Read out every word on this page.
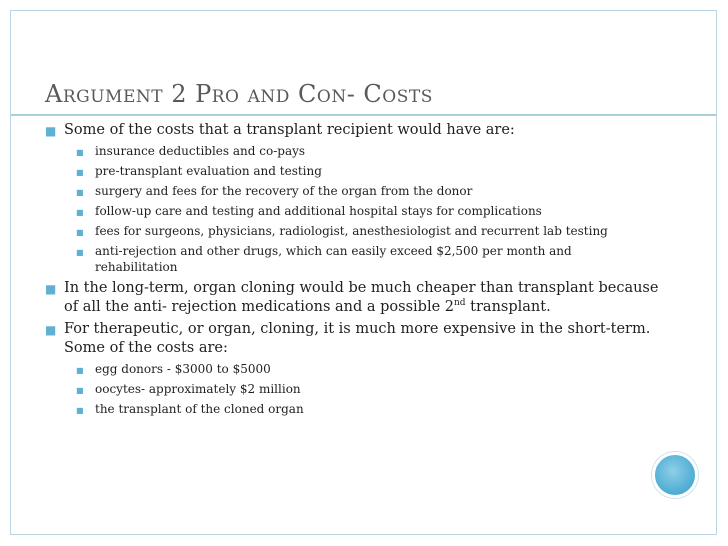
Argument 2 Pro and Con- Costs
■ Some of the costs that a transplant recipient would have are:
■ insurance deductibles and co-pays
■ pre-transplant evaluation and testing
■ surgery and fees for the recovery of the organ from the donor
■ follow-up care and testing and additional hospital stays for complications
■ fees for surgeons, physicians, radiologist, anesthesiologist and recurrent lab testing
■ anti-rejection and other drugs, which can easily exceed $2,500 per month and rehabilitation
■ In the long-term, organ cloning would be much cheaper than transplant because of all the anti- rejection medications and a possible 2nd transplant.
■ For therapeutic, or organ, cloning, it is much more expensive in the short-term. Some of the costs are:
■ egg donors - $3000 to $5000
■ oocytes- approximately $2 million
■ the transplant of the cloned organ
